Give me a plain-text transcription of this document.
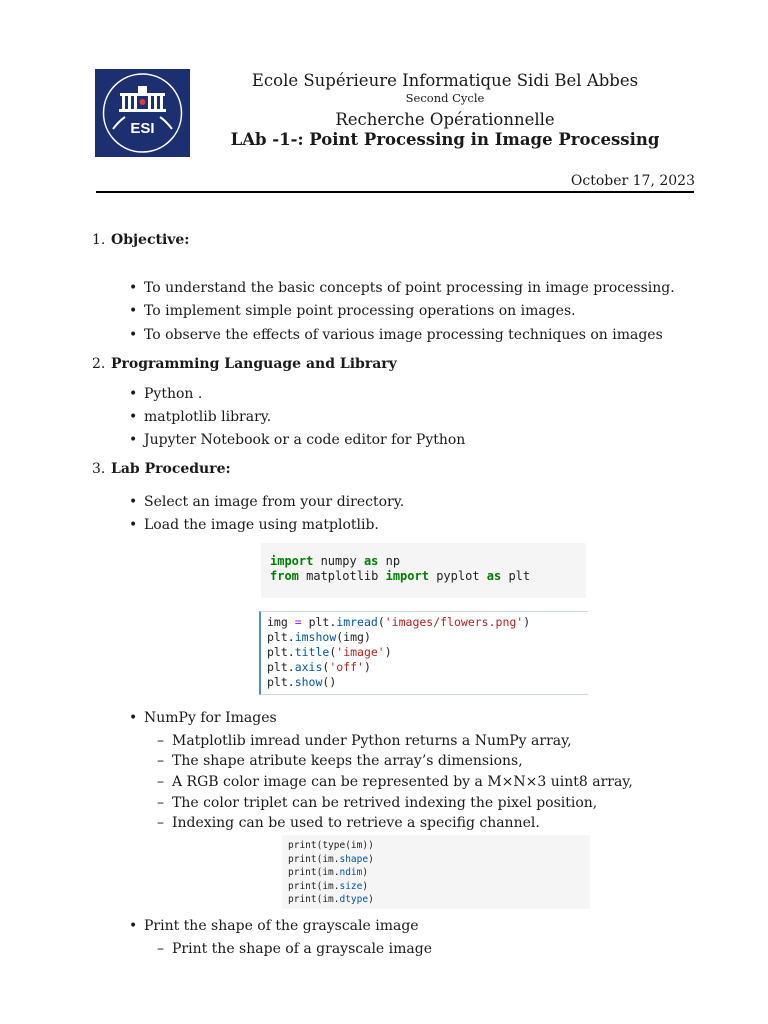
ESI
Ecole Supérieure Informatique Sidi Bel Abbes
Second Cycle
Recherche Opérationnelle
LAb -1-: Point Processing in Image Processing
October 17, 2023
1. Objective:
• To understand the basic concepts of point processing in image processing.
• To implement simple point processing operations on images.
• To observe the effects of various image processing techniques on images
2. Programming Language and Library
• Python .
• matplotlib library.
• Jupyter Notebook or a code editor for Python
3. Lab Procedure:
• Select an image from your directory.
• Load the image using matplotlib.
import numpy as np
from matplotlib import pyplot as plt
img = plt.imread('images/flowers.png')
plt.imshow(img)
plt.title('image')
plt.axis('off')
plt.show()
• NumPy for Images
– Matplotlib imread under Python returns a NumPy array,
– The shape atribute keeps the array’s dimensions,
– A RGB color image can be represented by a M×N×3 uint8 array,
– The color triplet can be retrived indexing the pixel position,
– Indexing can be used to retrieve a specifig channel.
print(type(im))
print(im.shape)
print(im.ndim)
print(im.size)
print(im.dtype)
• Print the shape of the grayscale image
– Print the shape of a grayscale image
